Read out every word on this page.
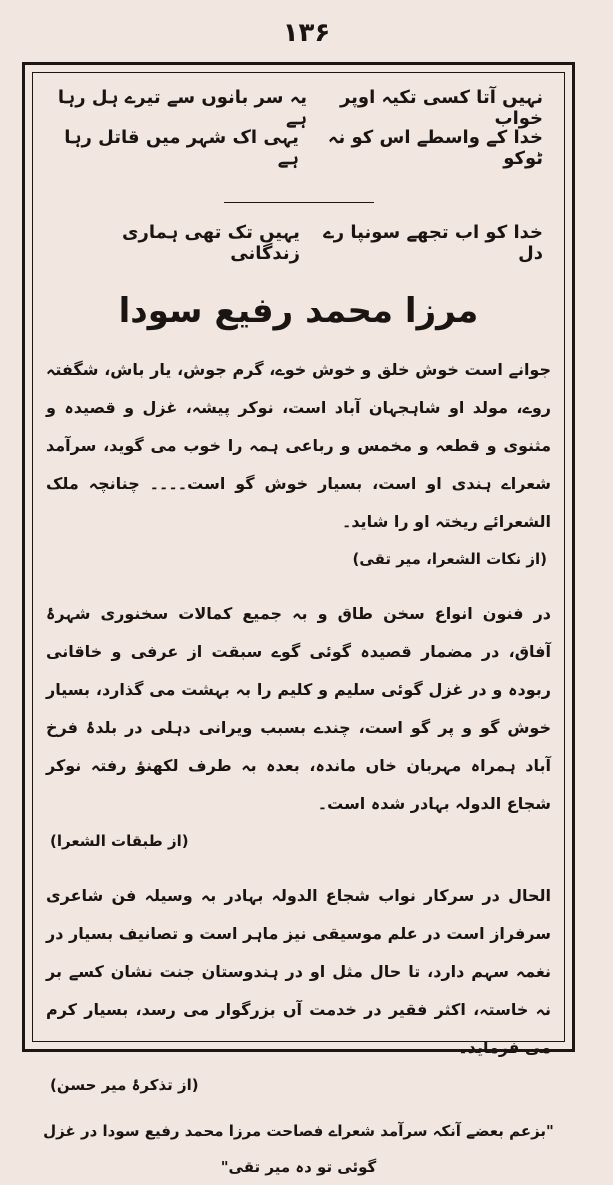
۱۳۶
نہیں آتا کسی تکیہ اوپر خواب
یہ سر بانوں سے تیرے ہل رہا ہے
خدا کے واسطے اس کو نہ ٹوکو
یہی اک شہر میں قاتل رہا ہے
خدا کو اب تجھے سونپا رے دل
یہیں تک تھی ہماری زندگانی
مرزا محمد رفیع سودا
جوانے است خوش خلق و خوش خوے، گرم جوش، یار باش، شگفتہ روے، مولد او شاہجہان آباد است، نوکر پیشہ، غزل و قصیدہ و مثنوی و قطعہ و مخمس و رباعی ہمہ را خوب می گوید، سرآمد شعراے ہندی او است، بسیار خوش گو است۔۔۔۔ چنانچہ ملک الشعرائے ریختہ او را شاید۔
(از نکات الشعرا، میر تقی)
در فنون انواع سخن طاق و بہ جمیع کمالات سخنوری شہرۂ آفاق، در مضمار قصیدہ گوئی گوے سبقت از عرفی و خاقانی ربودہ و در غزل گوئی سلیم و کلیم را بہ بہشت می گذارد، بسیار خوش گو و پر گو است، چندے بسبب ویرانی دہلی در بلدۂ فرخ آباد ہمراہ مہربان خاں ماندہ، بعدہ بہ طرف لکھنؤ رفتہ نوکر شجاع الدولہ بہادر شدہ است۔
(از طبقات الشعرا)
الحال در سرکار نواب شجاع الدولہ بہادر بہ وسیلہ فن شاعری سرفراز است در علم موسیقی نیز ماہر است و تصانیف بسیار در نغمہ سہم دارد، تا حال مثل او در ہندوستان جنت نشان کسے بر نہ خاستہ، اکثر فقیر در خدمت آں بزرگوار می رسد، بسیار کرم می فرماید۔
(از تذکرۂ میر حسن)
"بزعم بعضے آنکہ سرآمد شعراے فصاحت مرزا محمد رفیع سودا در غزل گوئی تو دہ میر تقی"
